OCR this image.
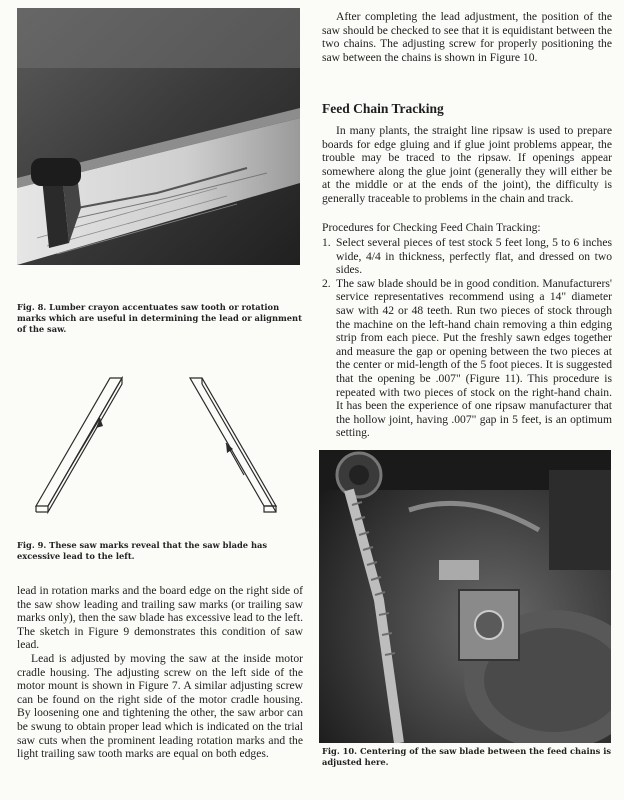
Fig. 8. Lumber crayon accentuates saw tooth or rotation marks which are useful in determining the lead or alignment of the saw.
Fig. 9. These saw marks reveal that the saw blade has excessive lead to the left.

lead in rotation marks and the board edge on the right side of the saw show leading and trailing saw marks (or trailing saw marks only), then the saw blade has excessive lead to the left. The sketch in Figure 9 demonstrates this condition of saw lead.

Lead is adjusted by moving the saw at the inside motor cradle housing. The adjusting screw on the left side of the motor mount is shown in Figure 7. A similar adjusting screw can be found on the right side of the motor cradle housing. By loosening one and tightening the other, the saw arbor can be swung to obtain proper lead which is indicated on the trial saw cuts when the prominent leading rotation marks and the light trailing saw tooth marks are equal on both edges.

After completing the lead adjustment, the position of the saw should be checked to see that it is equidistant between the two chains. The adjusting screw for properly positioning the saw between the chains is shown in Figure 10.

Feed Chain Tracking

In many plants, the straight line ripsaw is used to prepare boards for edge gluing and if glue joint problems appear, the trouble may be traced to the ripsaw. If openings appear somewhere along the glue joint (generally they will either be at the middle or at the ends of the joint), the difficulty is generally traceable to problems in the chain and track.

Procedures for Checking Feed Chain Tracking:
1. Select several pieces of test stock 5 feet long, 5 to 6 inches wide, 4/4 in thickness, perfectly flat, and dressed on two sides.
2. The saw blade should be in good condition. Manufacturers' service representatives recommend using a 14" diameter saw with 42 or 48 teeth. Run two pieces of stock through the machine on the left-hand chain removing a thin edging strip from each piece. Put the freshly sawn edges together and measure the gap or opening between the two pieces at the center or mid-length of the 5 foot pieces. It is suggested that the opening be .007" (Figure 11). This procedure is repeated with two pieces of stock on the right-hand chain. It has been the experience of one ripsaw manufacturer that the hollow joint, having .007" gap in 5 feet, is an optimum setting.
Fig. 10. Centering of the saw blade between the feed chains is adjusted here.
